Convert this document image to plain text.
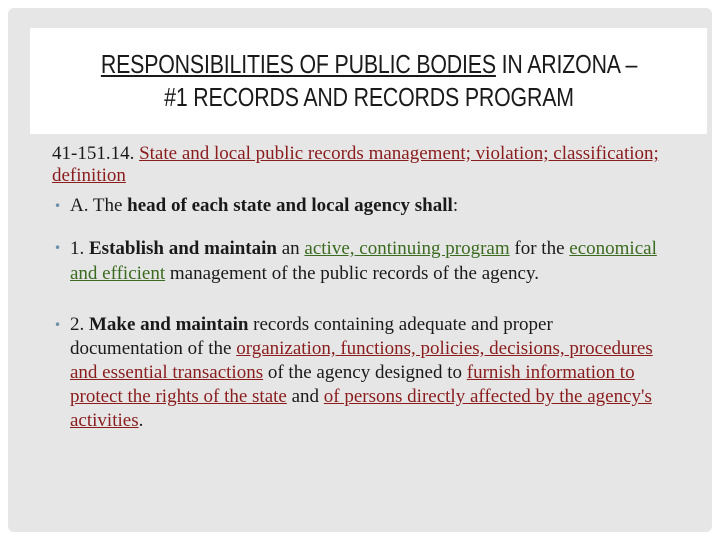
RESPONSIBILITIES OF PUBLIC BODIES IN ARIZONA –
#1 RECORDS AND RECORDS PROGRAM

41-151.14. State and local public records management; violation; classification; definition

• A. The head of each state and local agency shall:

• 1. Establish and maintain an active, continuing program for the economical and efficient management of the public records of the agency.

• 2. Make and maintain records containing adequate and proper documentation of the organization, functions, policies, decisions, procedures and essential transactions of the agency designed to furnish information to protect the rights of the state and of persons directly affected by the agency's activities.
